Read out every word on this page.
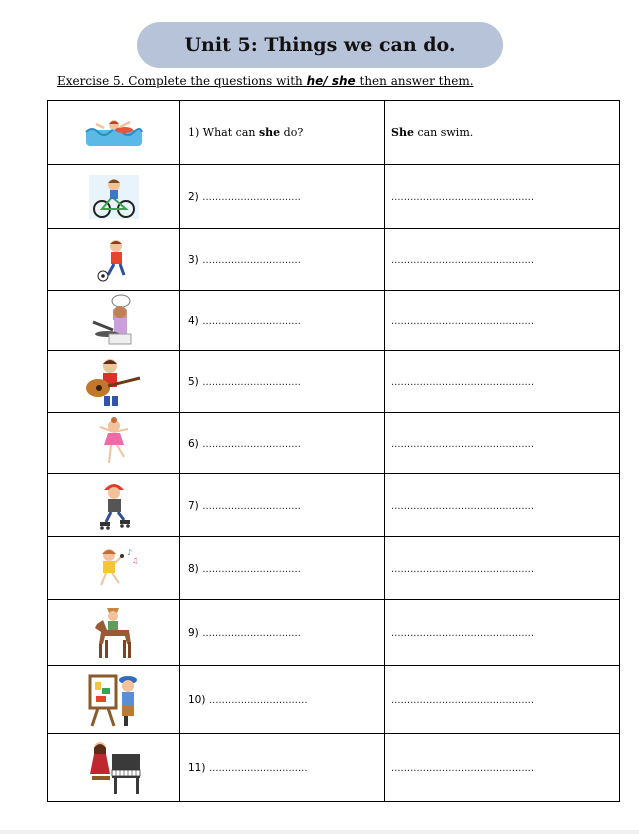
Unit 5: Things we can do.
Exercise 5. Complete the questions with he/ she then answer them.
	1) What can she do?	She can swim.

	2) ...............................	.............................................

	3) ...............................	.............................................

	4) ...............................	.............................................

	5) ...............................	.............................................

	6) ...............................	.............................................

	7) ...............................	.............................................

♪
♫	8) ...............................	.............................................

	9) ...............................	.............................................

	10) ...............................	.............................................

	11) ...............................	.............................................
